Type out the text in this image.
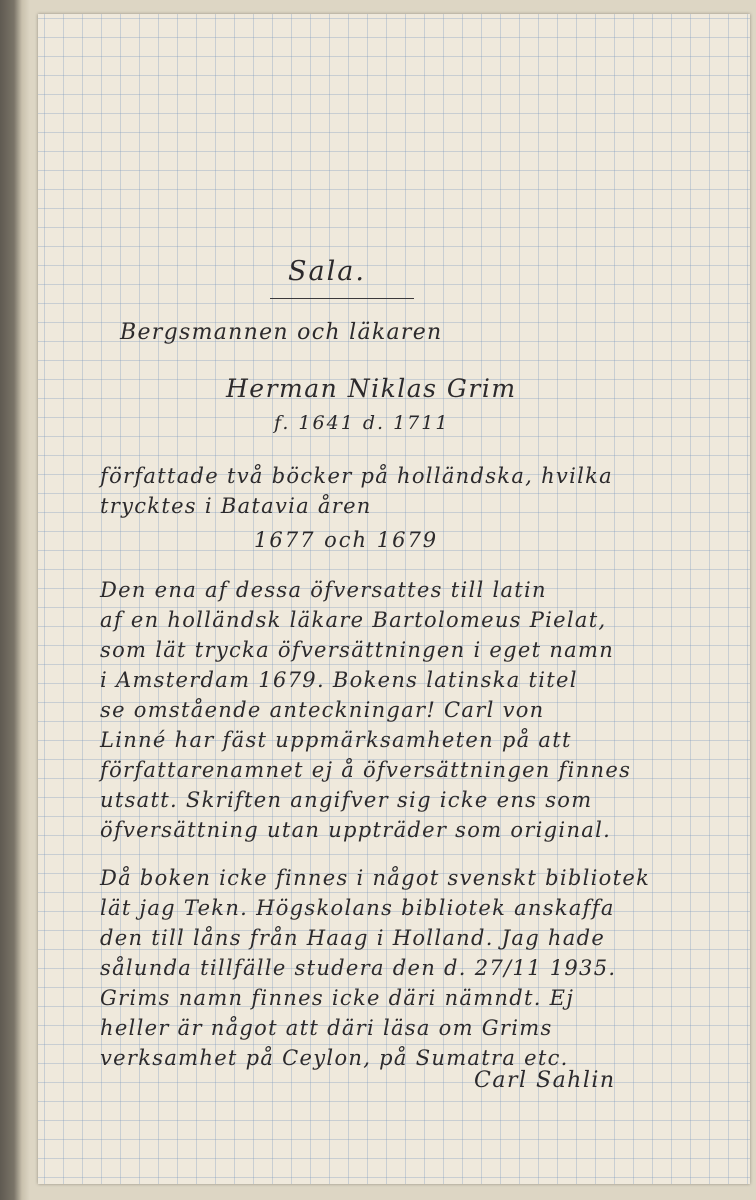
Sala.
Bergsmannen och läkaren
Herman Niklas Grim
f. 1641 d. 1711
författade två böcker på holländska, hvilka
trycktes i Batavia åren
1677 och 1679
Den ena af dessa öfversattes till latin
af en holländsk läkare Bartolomeus Pielat,
som lät trycka öfversättningen i eget namn
i Amsterdam 1679. Bokens latinska titel
se omstående anteckningar! Carl von
Linné har fäst uppmärksamheten på att
författarenamnet ej å öfversättningen finnes
utsatt. Skriften angifver sig icke ens som
öfversättning utan uppträder som original.
Då boken icke finnes i något svenskt bibliotek
lät jag Tekn. Högskolans bibliotek anskaffa
den till låns från Haag i Holland. Jag hade
sålunda tillfälle studera den d. 27/11 1935.
Grims namn finnes icke däri nämndt. Ej
heller är något att däri läsa om Grims
verksamhet på Ceylon, på Sumatra etc.
Carl Sahlin
